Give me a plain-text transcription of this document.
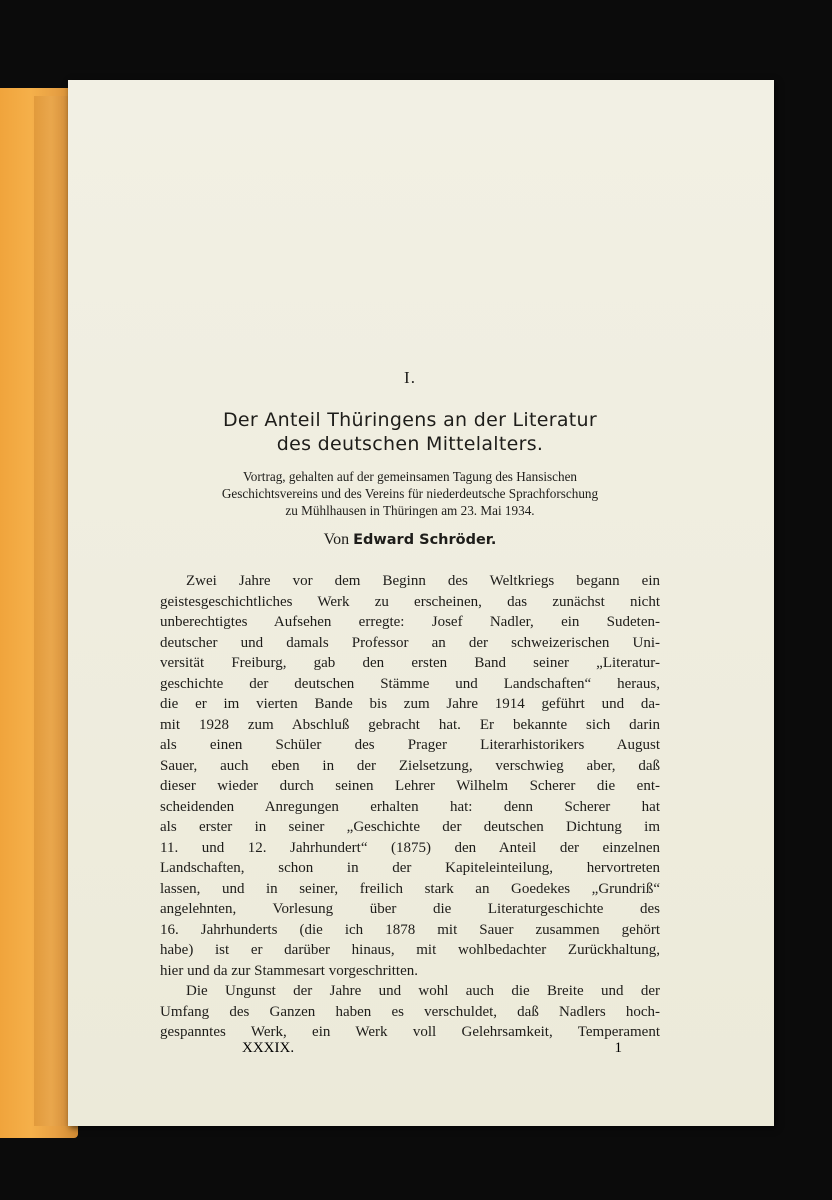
I.
Der Anteil Thüringens an der Literatur
des deutschen Mittelalters.
Vortrag, gehalten auf der gemeinsamen Tagung des Hansischen
Geschichtsvereins und des Vereins für niederdeutsche Sprachforschung
zu Mühlhausen in Thüringen am 23. Mai 1934.
Von Edward Schröder.
Zwei Jahre vor dem Beginn des Weltkriegs begann ein
geistesgeschichtliches Werk zu erscheinen, das zunächst nicht
unberechtigtes Aufsehen erregte: Josef Nadler, ein Sudeten-
deutscher und damals Professor an der schweizerischen Uni-
versität Freiburg, gab den ersten Band seiner „Literatur-
geschichte der deutschen Stämme und Landschaften“ heraus,
die er im vierten Bande bis zum Jahre 1914 geführt und da-
mit 1928 zum Abschluß gebracht hat. Er bekannte sich darin
als einen Schüler des Prager Literarhistorikers August
Sauer, auch eben in der Zielsetzung, verschwieg aber, daß
dieser wieder durch seinen Lehrer Wilhelm Scherer die ent-
scheidenden Anregungen erhalten hat: denn Scherer hat
als erster in seiner „Geschichte der deutschen Dichtung im
11. und 12. Jahrhundert“ (1875) den Anteil der einzelnen
Landschaften, schon in der Kapiteleinteilung, hervortreten
lassen, und in seiner, freilich stark an Goedekes „Grundriß“
angelehnten, Vorlesung über die Literaturgeschichte des
16. Jahrhunderts (die ich 1878 mit Sauer zusammen gehört
habe) ist er darüber hinaus, mit wohlbedachter Zurückhaltung,
hier und da zur Stammesart vorgeschritten.
Die Ungunst der Jahre und wohl auch die Breite und der
Umfang des Ganzen haben es verschuldet, daß Nadlers hoch-
gespanntes Werk, ein Werk voll Gelehrsamkeit, Temperament
XXXIX.	1
